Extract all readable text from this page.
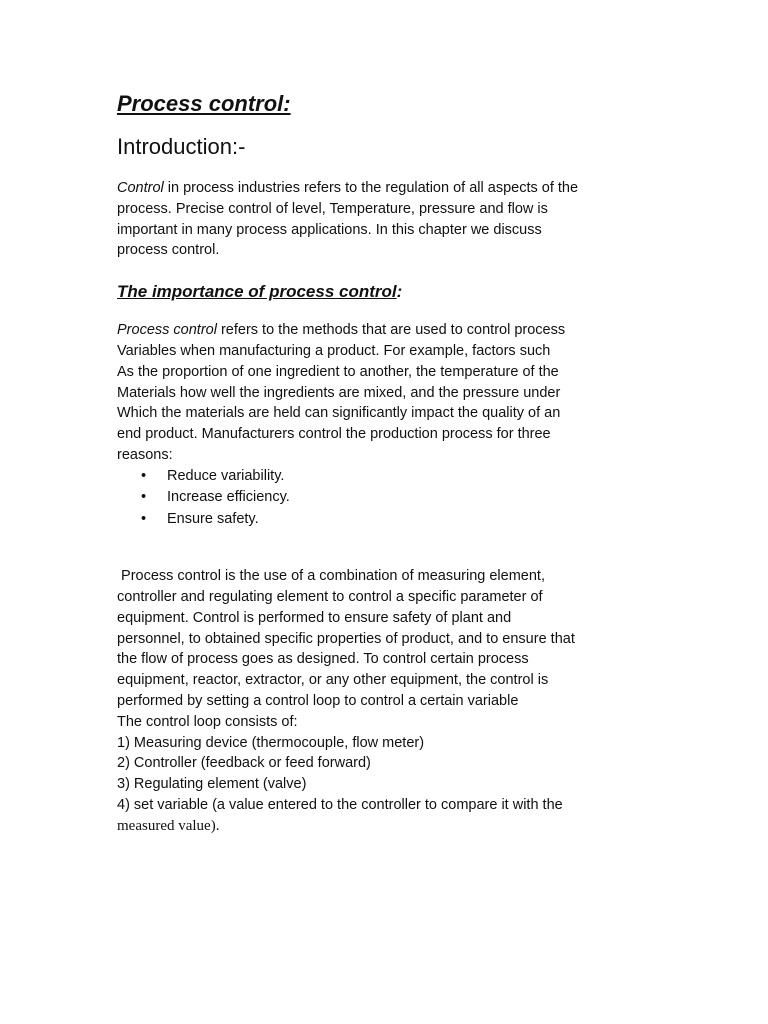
Process control:
Introduction:-

Control in process industries refers to the regulation of all aspects of the
process. Precise control of level, Temperature, pressure and flow is
important in many process applications. In this chapter we discuss
process control.

The importance of process control:

Process control refers to the methods that are used to control process
Variables when manufacturing a product. For example, factors such
As the proportion of one ingredient to another, the temperature of the
Materials how well the ingredients are mixed, and the pressure under
Which the materials are held can significantly impact the quality of an
end product. Manufacturers control the production process for three
reasons:

• Reduce variability.
• Increase efficiency.
• Ensure safety.

Process control is the use of a combination of measuring element,
controller and regulating element to control a specific parameter of
equipment. Control is performed to ensure safety of plant and
personnel, to obtained specific properties of product, and to ensure that
the flow of process goes as designed. To control certain process
equipment, reactor, extractor, or any other equipment, the control is
performed by setting a control loop to control a certain variable
The control loop consists of:
1) Measuring device (thermocouple, flow meter)
2) Controller (feedback or feed forward)
3) Regulating element (valve)
4) set variable (a value entered to the controller to compare it with the
measured value).
